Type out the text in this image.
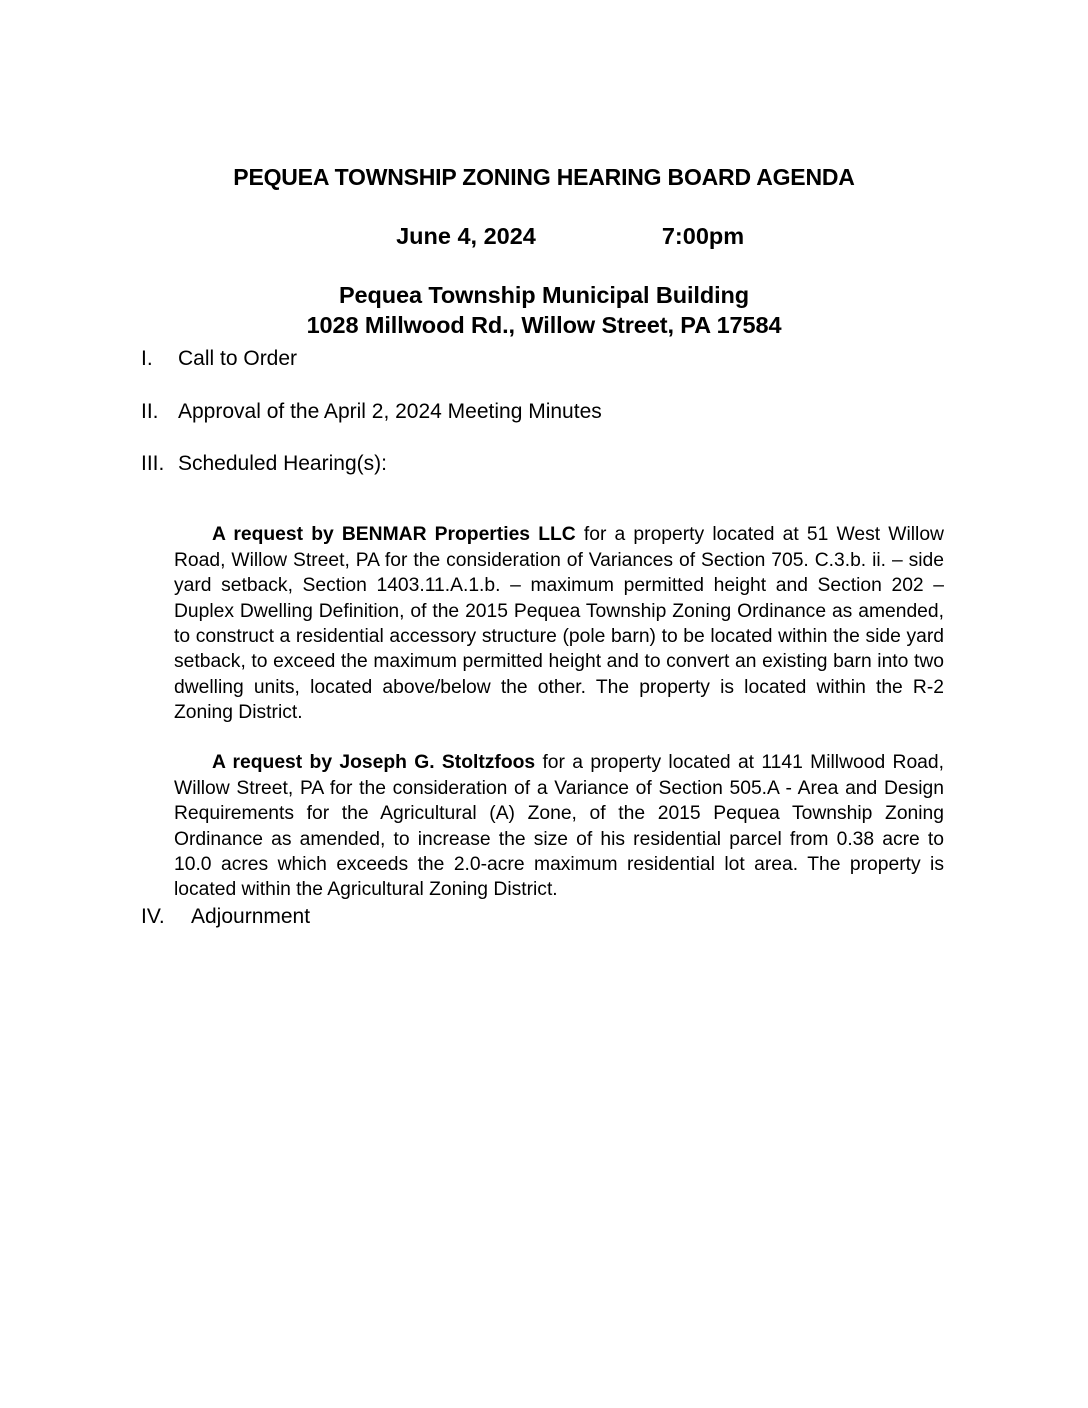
PEQUEA TOWNSHIP ZONING HEARING BOARD AGENDA

June 4, 2024	7:00pm

Pequea Township Municipal Building
1028 Millwood Rd., Willow Street, PA 17584
I. Call to Order
II. Approval of the April 2, 2024 Meeting Minutes
III. Scheduled Hearing(s):

A request by BENMAR Properties LLC for a property located at 51 West Willow Road, Willow Street, PA for the consideration of Variances of Section 705. C.3.b. ii. – side yard setback, Section 1403.11.A.1.b. – maximum permitted height and Section 202 – Duplex Dwelling Definition, of the 2015 Pequea Township Zoning Ordinance as amended, to construct a residential accessory structure (pole barn) to be located within the side yard setback, to exceed the maximum permitted height and to convert an existing barn into two dwelling units, located above/below the other. The property is located within the R-2 Zoning District.

A request by Joseph G. Stoltzfoos for a property located at 1141 Millwood Road, Willow Street, PA for the consideration of a Variance of Section 505.A - Area and Design Requirements for the Agricultural (A) Zone, of the 2015 Pequea Township Zoning Ordinance as amended, to increase the size of his residential parcel from 0.38 acre to 10.0 acres which exceeds the 2.0-acre maximum residential lot area. The property is located within the Agricultural Zoning District.

IV. Adjournment
